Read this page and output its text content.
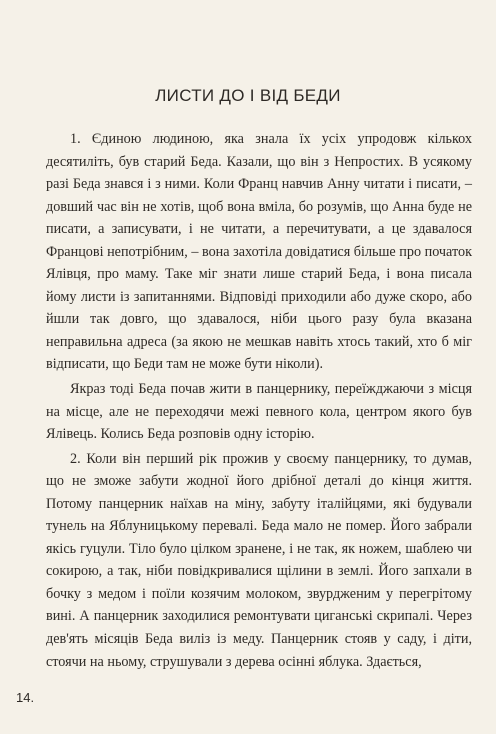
ЛИСТИ ДО І ВІД БЕДИ

1. Єдиною людиною, яка знала їх усіх упродовж кількох десятиліть, був старий Беда. Казали, що він з Непростих. В усякому разі Беда знався і з ними. Коли Франц навчив Анну читати і писати, – довший час він не хотів, щоб вона вміла, бо розумів, що Анна буде не писати, а записувати, і не читати, а перечитувати, а це здавалося Францові непотрібним, – вона захотіла довідатися більше про початок Ялівця, про маму. Таке міг знати лише старий Беда, і вона писала йому листи із запитаннями. Відповіді приходили або дуже скоро, або йшли так довго, що здавалося, ніби цього разу була вказана неправильна адреса (за якою не мешкав навіть хтось такий, хто б міг відписати, що Беди там не може бути ніколи).

Якраз тоді Беда почав жити в панцернику, переїжджаючи з місця на місце, але не переходячи межі певного кола, центром якого був Ялівець. Колись Беда розповів одну історію.

2. Коли він перший рік прожив у своєму панцернику, то думав, що не зможе забути жодної його дрібної деталі до кінця життя. Потому панцерник наїхав на міну, забуту італійцями, які будували тунель на Яблуницькому перевалі. Беда мало не помер. Його забрали якісь гуцули. Тіло було цілком зранене, і не так, як ножем, шаблею чи сокирою, а так, ніби повідкривалися щілини в землі. Його запхали в бочку з медом і поїли козячим молоком, звурдженим у перегрітому вині. А панцерник заходилися ремонтувати циганські скрипалі. Через дев'ять місяців Беда виліз із меду. Панцерник стояв у саду, і діти, стоячи на ньому, струшували з дерева осінні яблука. Здається,

14.
